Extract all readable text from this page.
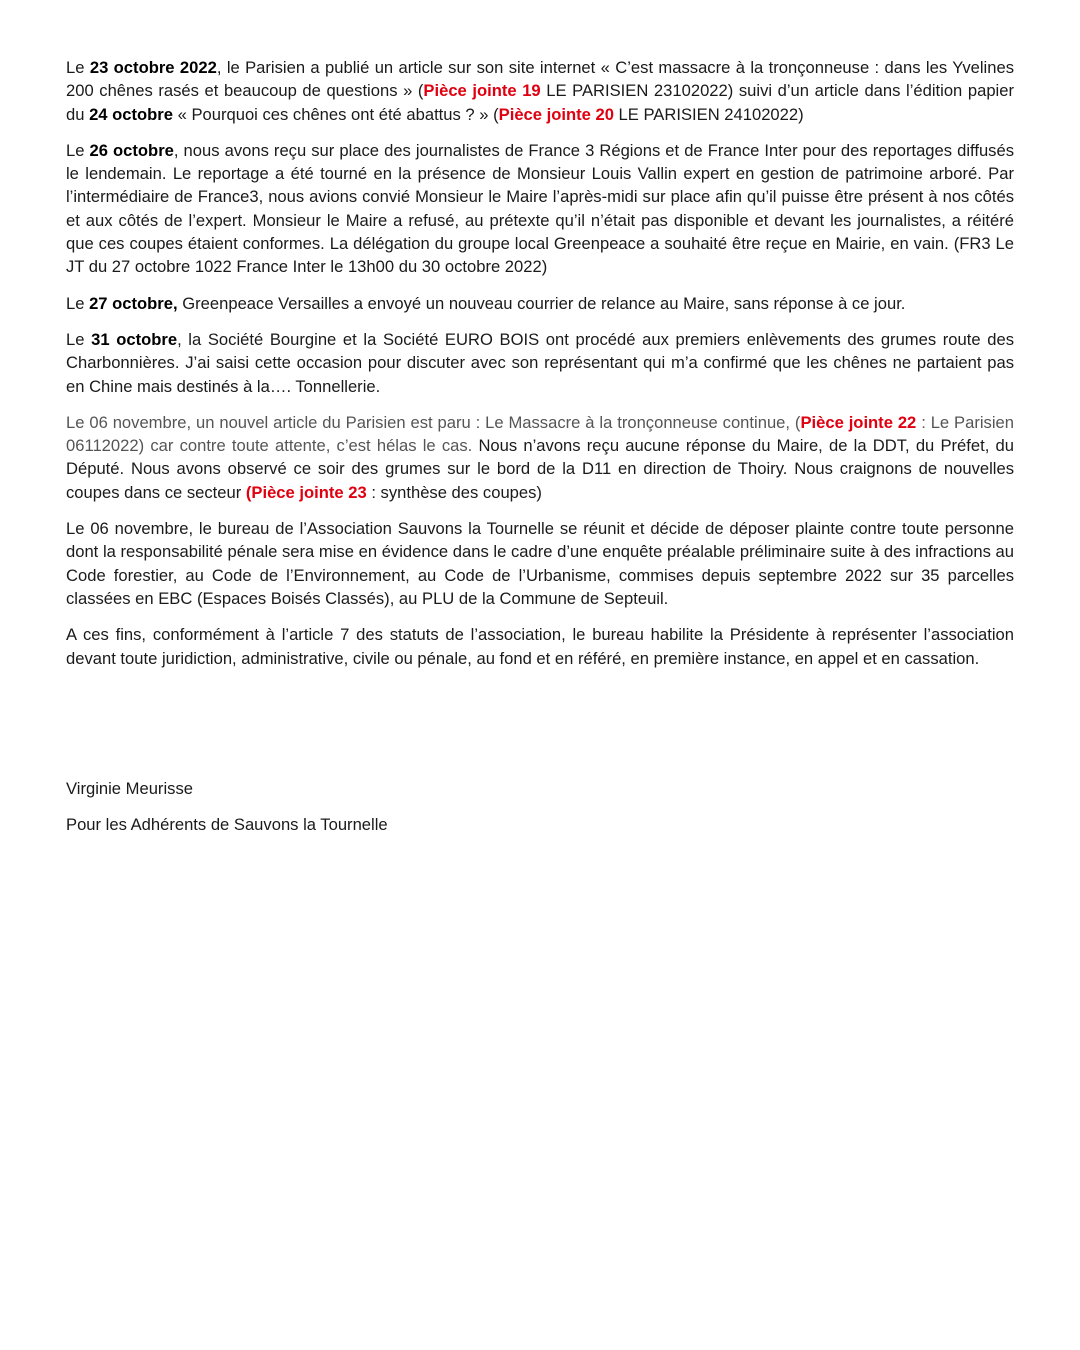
Le 23 octobre 2022, le Parisien a publié un article sur son site internet « C’est massacre à la tronçonneuse : dans les Yvelines 200 chênes rasés et beaucoup de questions » (Pièce jointe 19 LE PARISIEN 23102022) suivi d’un article dans l’édition papier du 24 octobre « Pourquoi ces chênes ont été abattus ? » (Pièce jointe 20 LE PARISIEN 24102022)

Le 26 octobre, nous avons reçu sur place des journalistes de France 3 Régions et de France Inter pour des reportages diffusés le lendemain. Le reportage a été tourné en la présence de Monsieur Louis Vallin expert en gestion de patrimoine arboré. Par l’intermédiaire de France3, nous avions convié Monsieur le Maire l’après-midi sur place afin qu’il puisse être présent à nos côtés et aux côtés de l’expert. Monsieur le Maire a refusé, au prétexte qu’il n’était pas disponible et devant les journalistes, a réitéré que ces coupes étaient conformes. La délégation du groupe local Greenpeace a souhaité être reçue en Mairie, en vain. (FR3 Le JT du 27 octobre 1022 France Inter le 13h00 du 30 octobre 2022)

Le 27 octobre, Greenpeace Versailles a envoyé un nouveau courrier de relance au Maire, sans réponse à ce jour.

Le 31 octobre, la Société Bourgine et la Société EURO BOIS ont procédé aux premiers enlèvements des grumes route des Charbonnières. J’ai saisi cette occasion pour discuter avec son représentant qui m’a confirmé que les chênes ne partaient pas en Chine mais destinés à la…. Tonnellerie.

Le 06 novembre, un nouvel article du Parisien est paru : Le Massacre à la tronçonneuse continue, (Pièce jointe 22 : Le Parisien 06112022) car contre toute attente, c’est hélas le cas. Nous n’avons reçu aucune réponse du Maire, de la DDT, du Préfet, du Député. Nous avons observé ce soir des grumes sur le bord de la D11 en direction de Thoiry. Nous craignons de nouvelles coupes dans ce secteur (Pièce jointe 23 : synthèse des coupes)

Le 06 novembre, le bureau de l’Association Sauvons la Tournelle se réunit et décide de déposer plainte contre toute personne dont la responsabilité pénale sera mise en évidence dans le cadre d’une enquête préalable préliminaire suite à des infractions au Code forestier, au Code de l’Environnement, au Code de l’Urbanisme, commises depuis septembre 2022 sur 35 parcelles classées en EBC (Espaces Boisés Classés), au PLU de la Commune de Septeuil.

A ces fins, conformément à l’article 7 des statuts de l’association, le bureau habilite la Présidente à représenter l’association devant toute juridiction, administrative, civile ou pénale, au fond et en référé, en première instance, en appel et en cassation.

Virginie Meurisse
Pour les Adhérents de Sauvons la Tournelle
